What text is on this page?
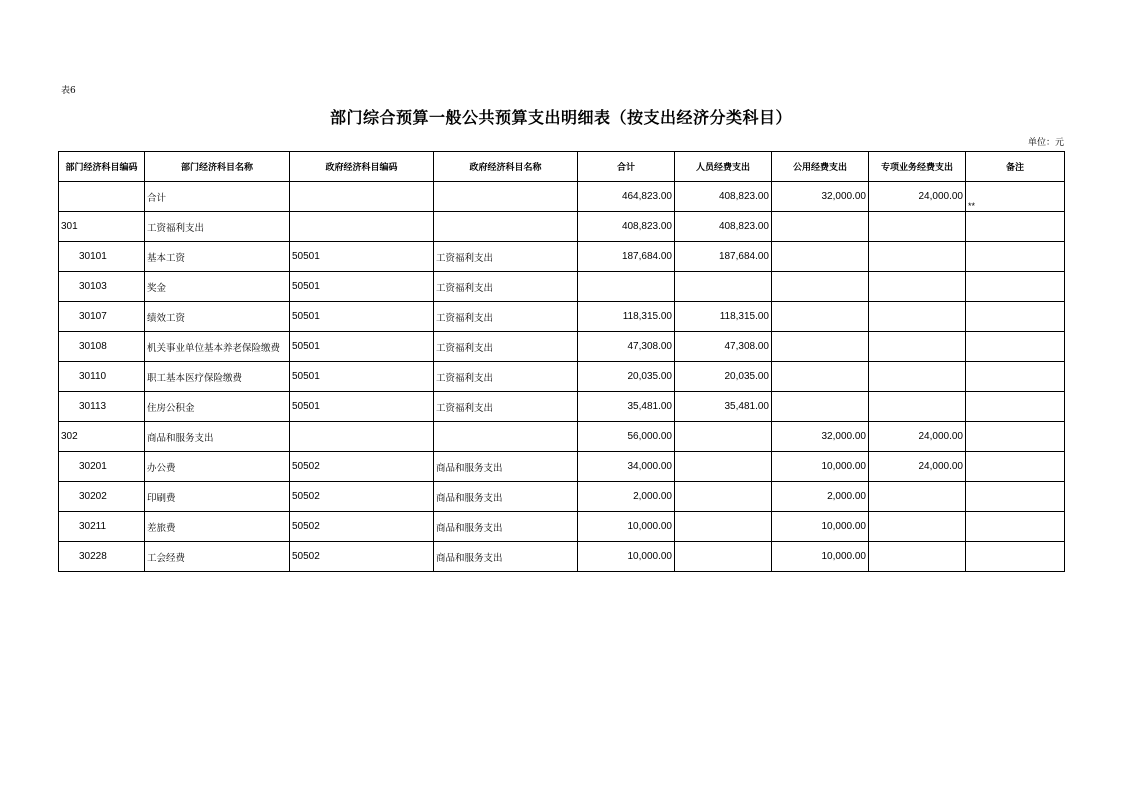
表6
部门综合预算一般公共预算支出明细表（按支出经济分类科目）
单位：元
部门经济科目编码	部门经济科目名称	政府经济科目编码	政府经济科目名称	合计	人员经费支出	公用经费支出	专项业务经费支出	备注
	合计			464,823.00	408,823.00	32,000.00	24,000.00	**
301	工资福利支出			408,823.00	408,823.00			
30101	基本工资	50501	工资福利支出	187,684.00	187,684.00			
30103	奖金	50501	工资福利支出					
30107	绩效工资	50501	工资福利支出	118,315.00	118,315.00			
30108	机关事业单位基本养老保险缴费	50501	工资福利支出	47,308.00	47,308.00			
30110	职工基本医疗保险缴费	50501	工资福利支出	20,035.00	20,035.00			
30113	住房公积金	50501	工资福利支出	35,481.00	35,481.00			
302	商品和服务支出			56,000.00		32,000.00	24,000.00	
30201	办公费	50502	商品和服务支出	34,000.00		10,000.00	24,000.00	
30202	印刷费	50502	商品和服务支出	2,000.00		2,000.00		
30211	差旅费	50502	商品和服务支出	10,000.00		10,000.00		
30228	工会经费	50502	商品和服务支出	10,000.00		10,000.00		
